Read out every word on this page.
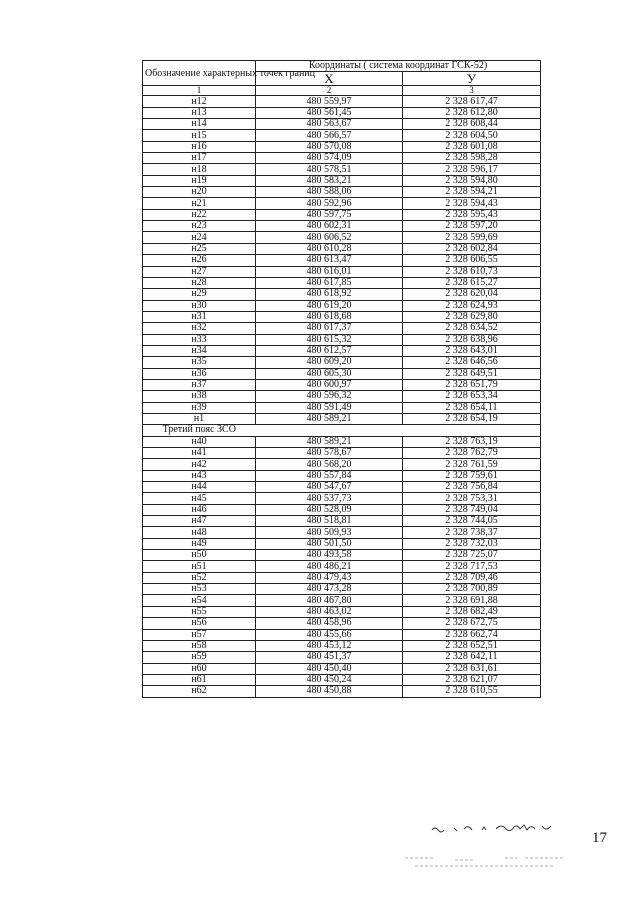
Обозначение характерных точек границ	Координаты ( система координат ГСК-52)	
	X	У
1	2	3
н12	480 559,97	2 328 617,47
н13	480 561,45	2 328 612,80
н14	480 563,67	2 328 608,44
н15	480 566,57	2 328 604,50
н16	480 570,08	2 328 601,08
н17	480 574,09	2 328 598,28
н18	480 578,51	2 328 596,17
н19	480 583,21	2 328 594,80
н20	480 588,06	2 328 594,21
н21	480 592,96	2 328 594,43
н22	480 597,75	2 328 595,43
н23	480 602,31	2 328 597,20
н24	480 606,52	2 328 599,69
н25	480 610,28	2 328 602,84
н26	480 613,47	2 328 606,55
н27	480 616,01	2 328 610,73
н28	480 617,85	2 328 615,27
н29	480 618,92	2 328 620,04
н30	480 619,20	2 328 624,93
н31	480 618,68	2 328 629,80
н32	480 617,37	2 328 634,52
н33	480 615,32	2 328 638,96
н34	480 612,57	2 328 643,01
н35	480 609,20	2 328 646,56
н36	480 605,30	2 328 649,51
н37	480 600,97	2 328 651,79
н38	480 596,32	2 328 653,34
н39	480 591,49	2 328 654,11
н1	480 589,21	2 328 654,19
Третий пояс ЗСО		
н40	480 589,21	2 328 763,19
н41	480 578,67	2 328 762,79
н42	480 568,20	2 328 761,59
н43	480 557,84	2 328 759,61
н44	480 547,67	2 328 756,84
н45	480 537,73	2 328 753,31
н46	480 528,09	2 328 749,04
н47	480 518,81	2 328 744,05
н48	480 509,93	2 328 738,37
н49	480 501,50	2 328 732,03
н50	480 493,58	2 328 725,07
н51	480 486,21	2 328 717,53
н52	480 479,43	2 328 709,46
н53	480 473,28	2 328 700,89
н54	480 467,80	2 328 691,88
н55	480 463,02	2 328 682,49
н56	480 458,96	2 328 672,75
н57	480 455,66	2 328 662,74
н58	480 453,12	2 328 652,51
н59	480 451,37	2 328 642,11
н60	480 450,40	2 328 631,61
н61	480 450,24	2 328 621,07
н62	480 450,88	2 328 610,55
17
